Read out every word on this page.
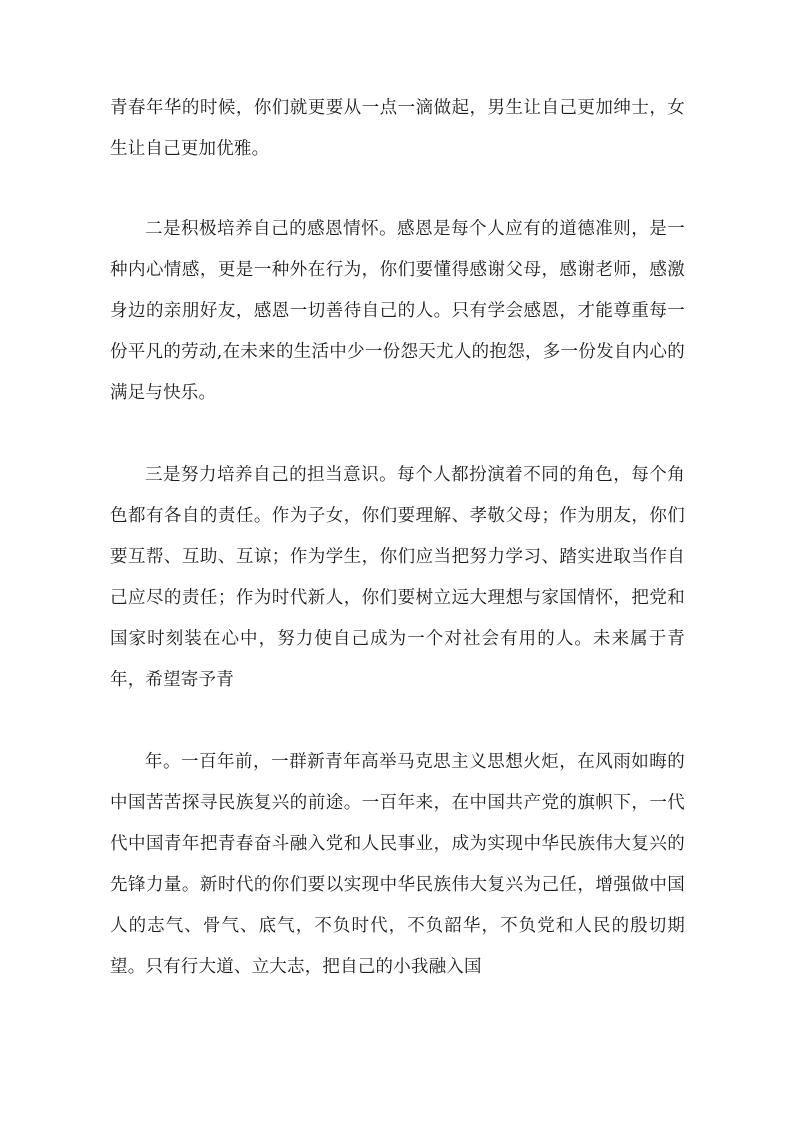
青春年华的时候，你们就更要从一点一滴做起，男生让自己更加绅士，女生让自己更加优雅。

二是积极培养自己的感恩情怀。感恩是每个人应有的道德准则，是一种内心情感，更是一种外在行为，你们要懂得感谢父母，感谢老师，感激身边的亲朋好友，感恩一切善待自己的人。只有学会感恩，才能尊重每一份平凡的劳动,在未来的生活中少一份怨天尤人的抱怨，多一份发自内心的满足与快乐。

三是努力培养自己的担当意识。每个人都扮演着不同的角色，每个角色都有各自的责任。作为子女，你们要理解、孝敬父母；作为朋友，你们要互帮、互助、互谅；作为学生，你们应当把努力学习、踏实进取当作自己应尽的责任；作为时代新人，你们要树立远大理想与家国情怀，把党和国家时刻装在心中，努力使自己成为一个对社会有用的人。未来属于青年，希望寄予青

年。一百年前，一群新青年高举马克思主义思想火炬，在风雨如晦的中国苦苦探寻民族复兴的前途。一百年来，在中国共产党的旗帜下，一代代中国青年把青春奋斗融入党和人民事业，成为实现中华民族伟大复兴的先锋力量。新时代的你们要以实现中华民族伟大复兴为己任，增强做中国人的志气、骨气、底气，不负时代，不负韶华，不负党和人民的殷切期望。只有行大道、立大志，把自己的小我融入国
